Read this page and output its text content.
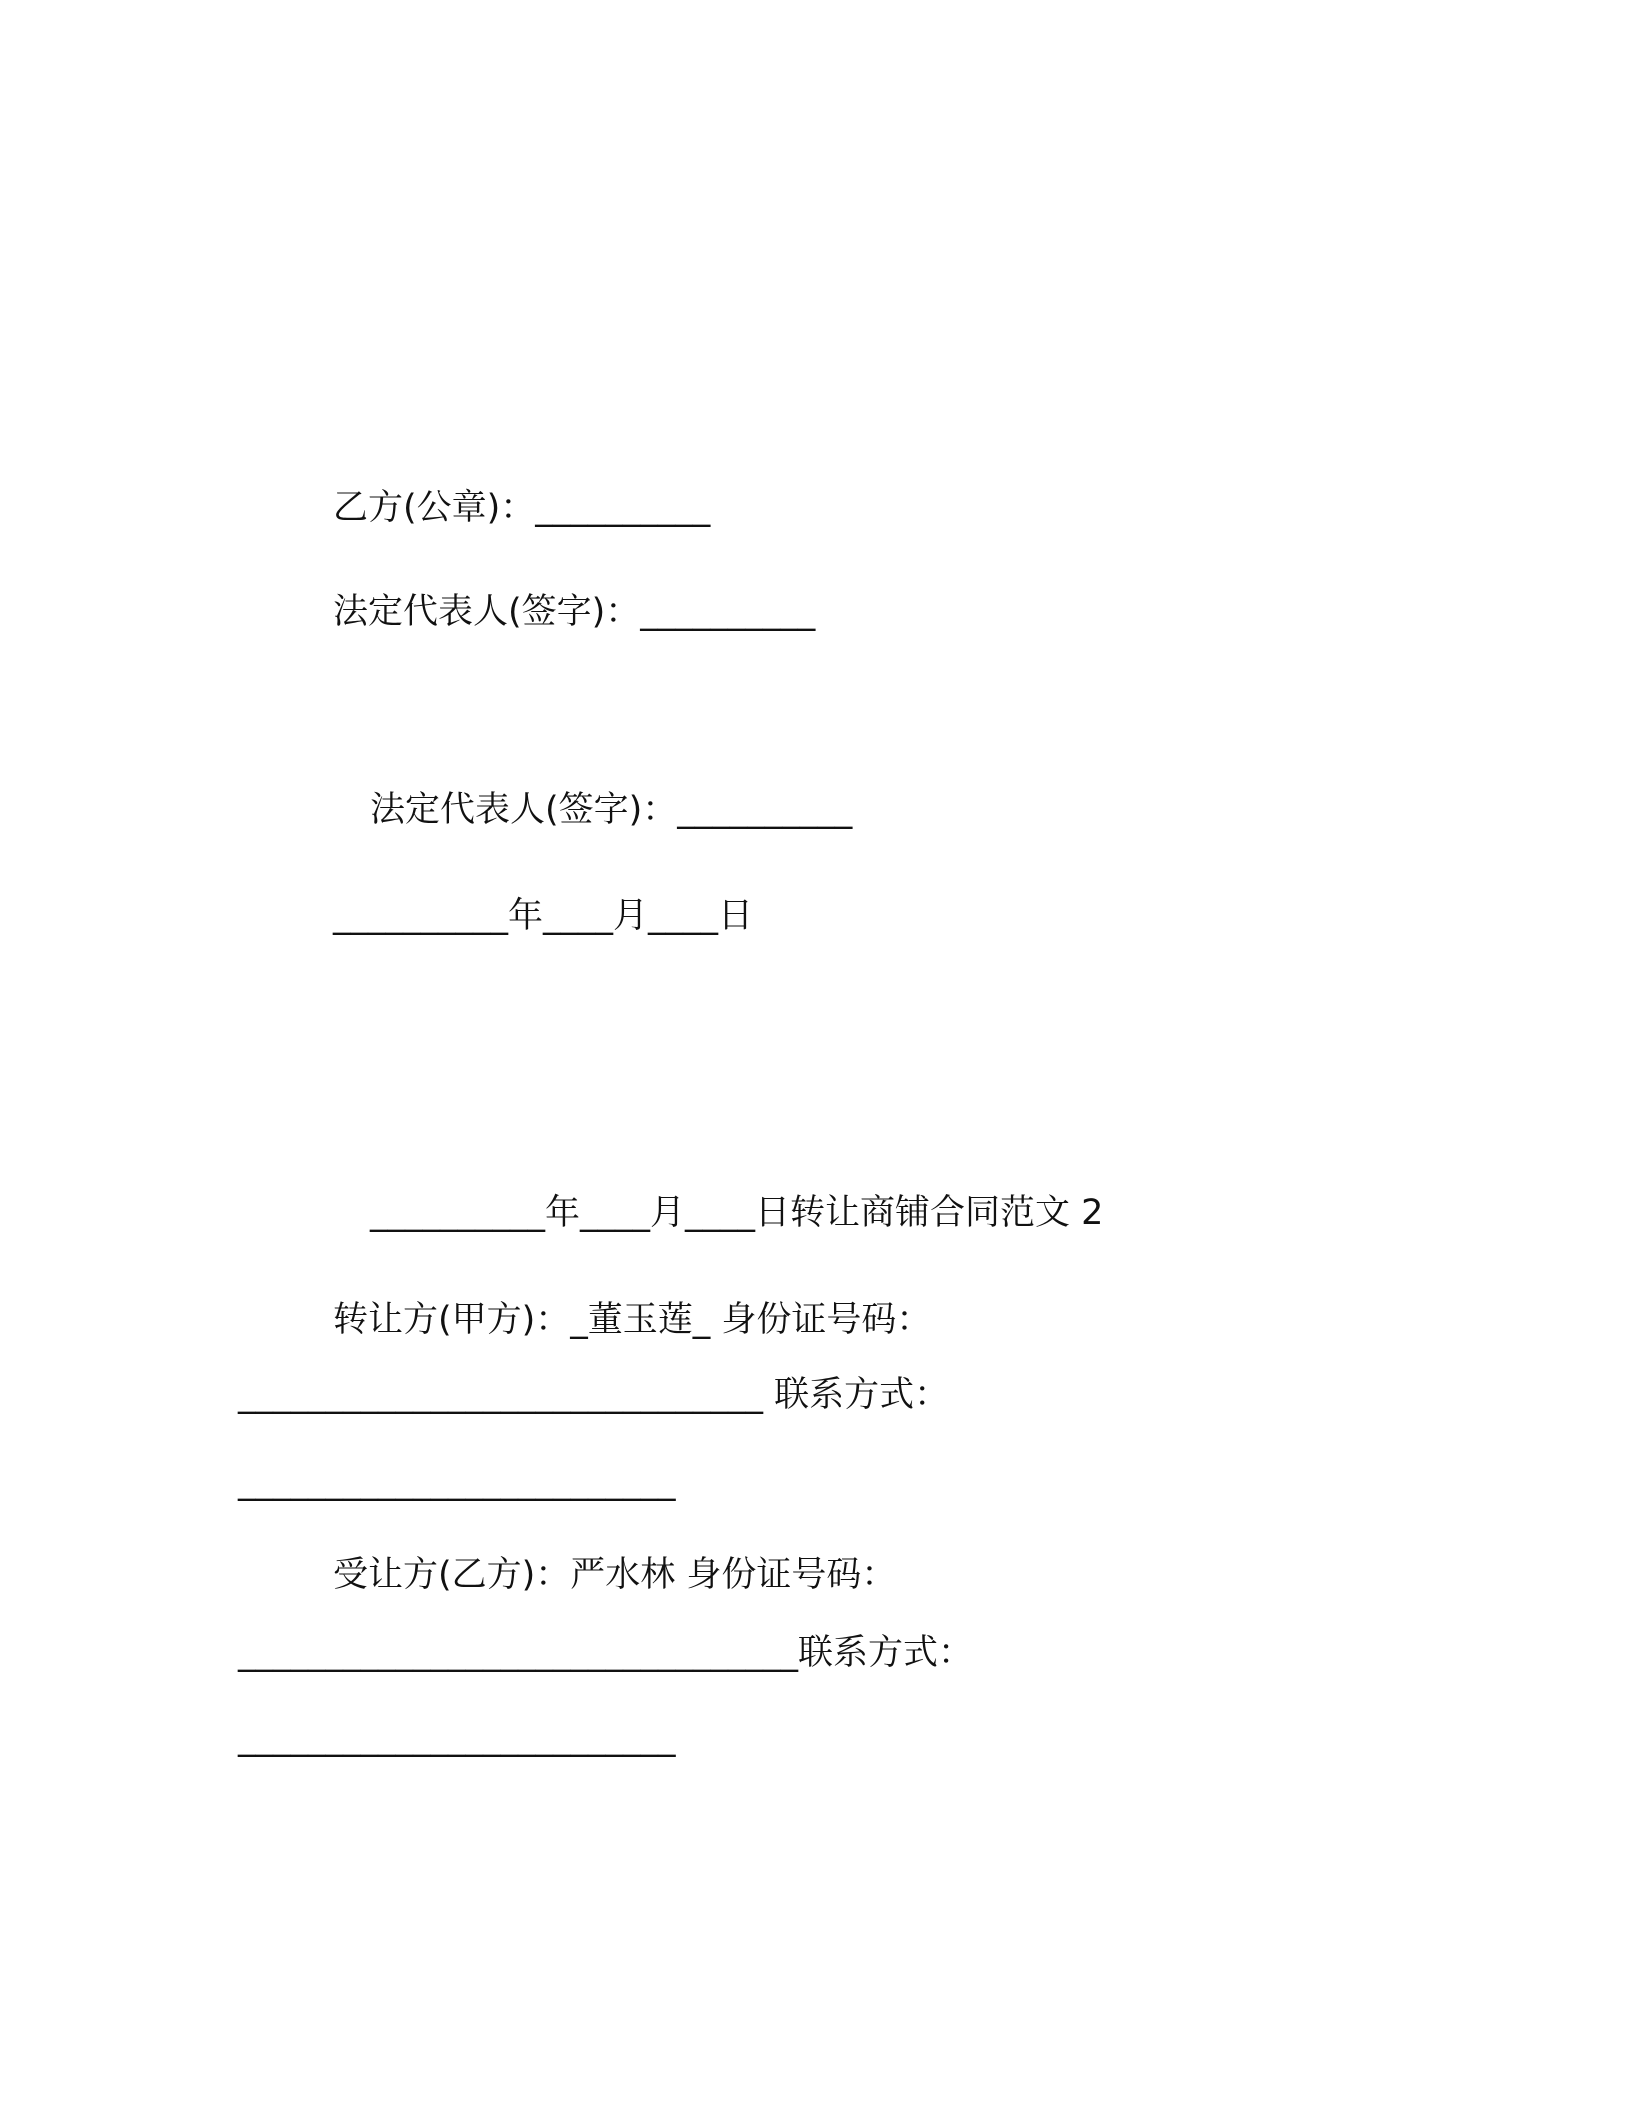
乙方(公章)：__________
法定代表人(签字)：__________
法定代表人(签字)：__________
__________年____月____日
__________年____月____日转让商铺合同范文 2
转让方(甲方)：_董玉莲_ 身份证号码：
______________________________ 联系方式：
_________________________
受让方(乙方)：严水林 身份证号码：
________________________________联系方式：
_________________________
